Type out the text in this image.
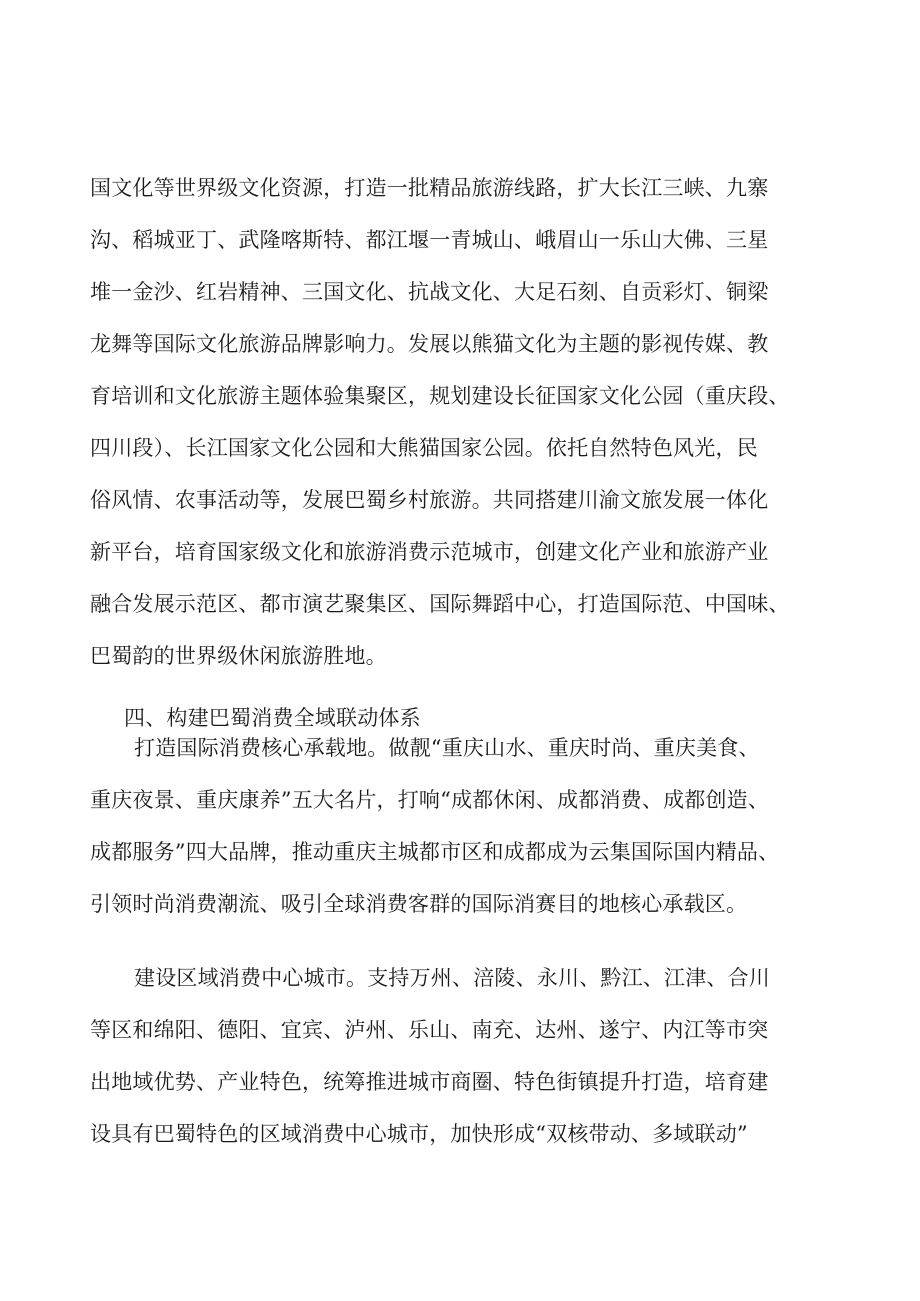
国文化等世界级文化资源，打造一批精品旅游线路，扩大长江三峡、九寨
沟、稻城亚丁、武隆喀斯特、都江堰一青城山、峨眉山一乐山大佛、三星
堆一金沙、红岩精神、三国文化、抗战文化、大足石刻、自贡彩灯、铜梁
龙舞等国际文化旅游品牌影响力。发展以熊猫文化为主题的影视传媒、教
育培训和文化旅游主题体验集聚区，规划建设长征国家文化公园（重庆段、
四川段）、长江国家文化公园和大熊猫国家公园。依托自然特色风光，民
俗风情、农事活动等，发展巴蜀乡村旅游。共同搭建川渝文旅发展一体化
新平台，培育国家级文化和旅游消费示范城市，创建文化产业和旅游产业
融合发展示范区、都市演艺聚集区、国际舞蹈中心，打造国际范、中国味、
巴蜀韵的世界级休闲旅游胜地。
四、构建巴蜀消费全域联动体系
打造国际消费核心承载地。做靓“重庆山水、重庆时尚、重庆美食、
重庆夜景、重庆康养”五大名片，打响“成都休闲、成都消费、成都创造、
成都服务”四大品牌，推动重庆主城都市区和成都成为云集国际国内精品、
引领时尚消费潮流、吸引全球消费客群的国际消赛目的地核心承载区。
建设区域消费中心城市。支持万州、涪陵、永川、黔江、江津、合川
等区和绵阳、德阳、宜宾、泸州、乐山、南充、达州、遂宁、内江等市突
出地域优势、产业特色，统筹推进城市商圈、特色街镇提升打造，培育建
设具有巴蜀特色的区域消费中心城市，加快形成“双核带动、多域联动”
